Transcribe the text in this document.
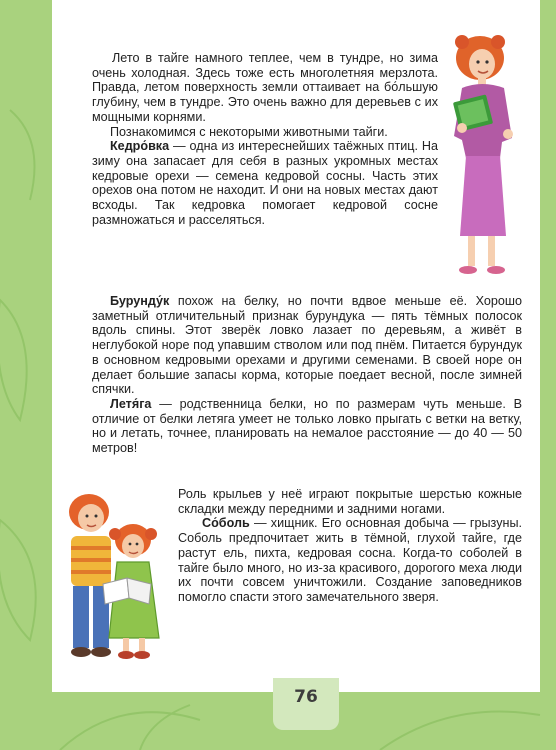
Лето в тайге намного теплее, чем в тундре, но зима очень холодная. Здесь тоже есть многолетняя мерзлота. Правда, летом поверхность земли оттаивает на бо́льшую глубину, чем в тундре. Это очень важно для деревьев с их мощными корнями.

Познакомимся с некоторыми животными тайги.

Кедро́вка — одна из интереснейших таёжных птиц. На зиму она запасает для себя в разных укромных местах кедровые орехи — семена кедровой сосны. Часть этих орехов она потом не находит. И они на новых местах дают всходы. Так кедровка помогает кедровой сосне размножаться и расселяться.

Бурунду́к похож на белку, но почти вдвое меньше её. Хорошо заметный отличительный признак бурундука — пять тёмных полосок вдоль спины. Этот зверёк ловко лазает по деревьям, а живёт в неглубокой норе под упавшим стволом или под пнём. Питается бурундук в основном кедровыми орехами и другими семенами. В своей норе он делает большие запасы корма, которые поедает весной, после зимней спячки.

Летя́га — родственница белки, но по размерам чуть меньше. В отличие от белки летяга умеет не только ловко прыгать с ветки на ветку, но и летать, точнее, планировать на немалое расстояние — до 40 — 50 метров!

Роль крыльев у неё играют покрытые шерстью кожные складки между передними и задними ногами.

Со́боль — хищник. Его основная добыча — грызуны. Соболь предпочитает жить в тёмной, глухой тайге, где растут ель, пихта, кедровая сосна. Когда-то соболей в тайге было много, но из-за красивого, дорогого меха люди их почти совсем уничтожили. Создание заповедников помогло спасти этого замечательного зверя.

76
